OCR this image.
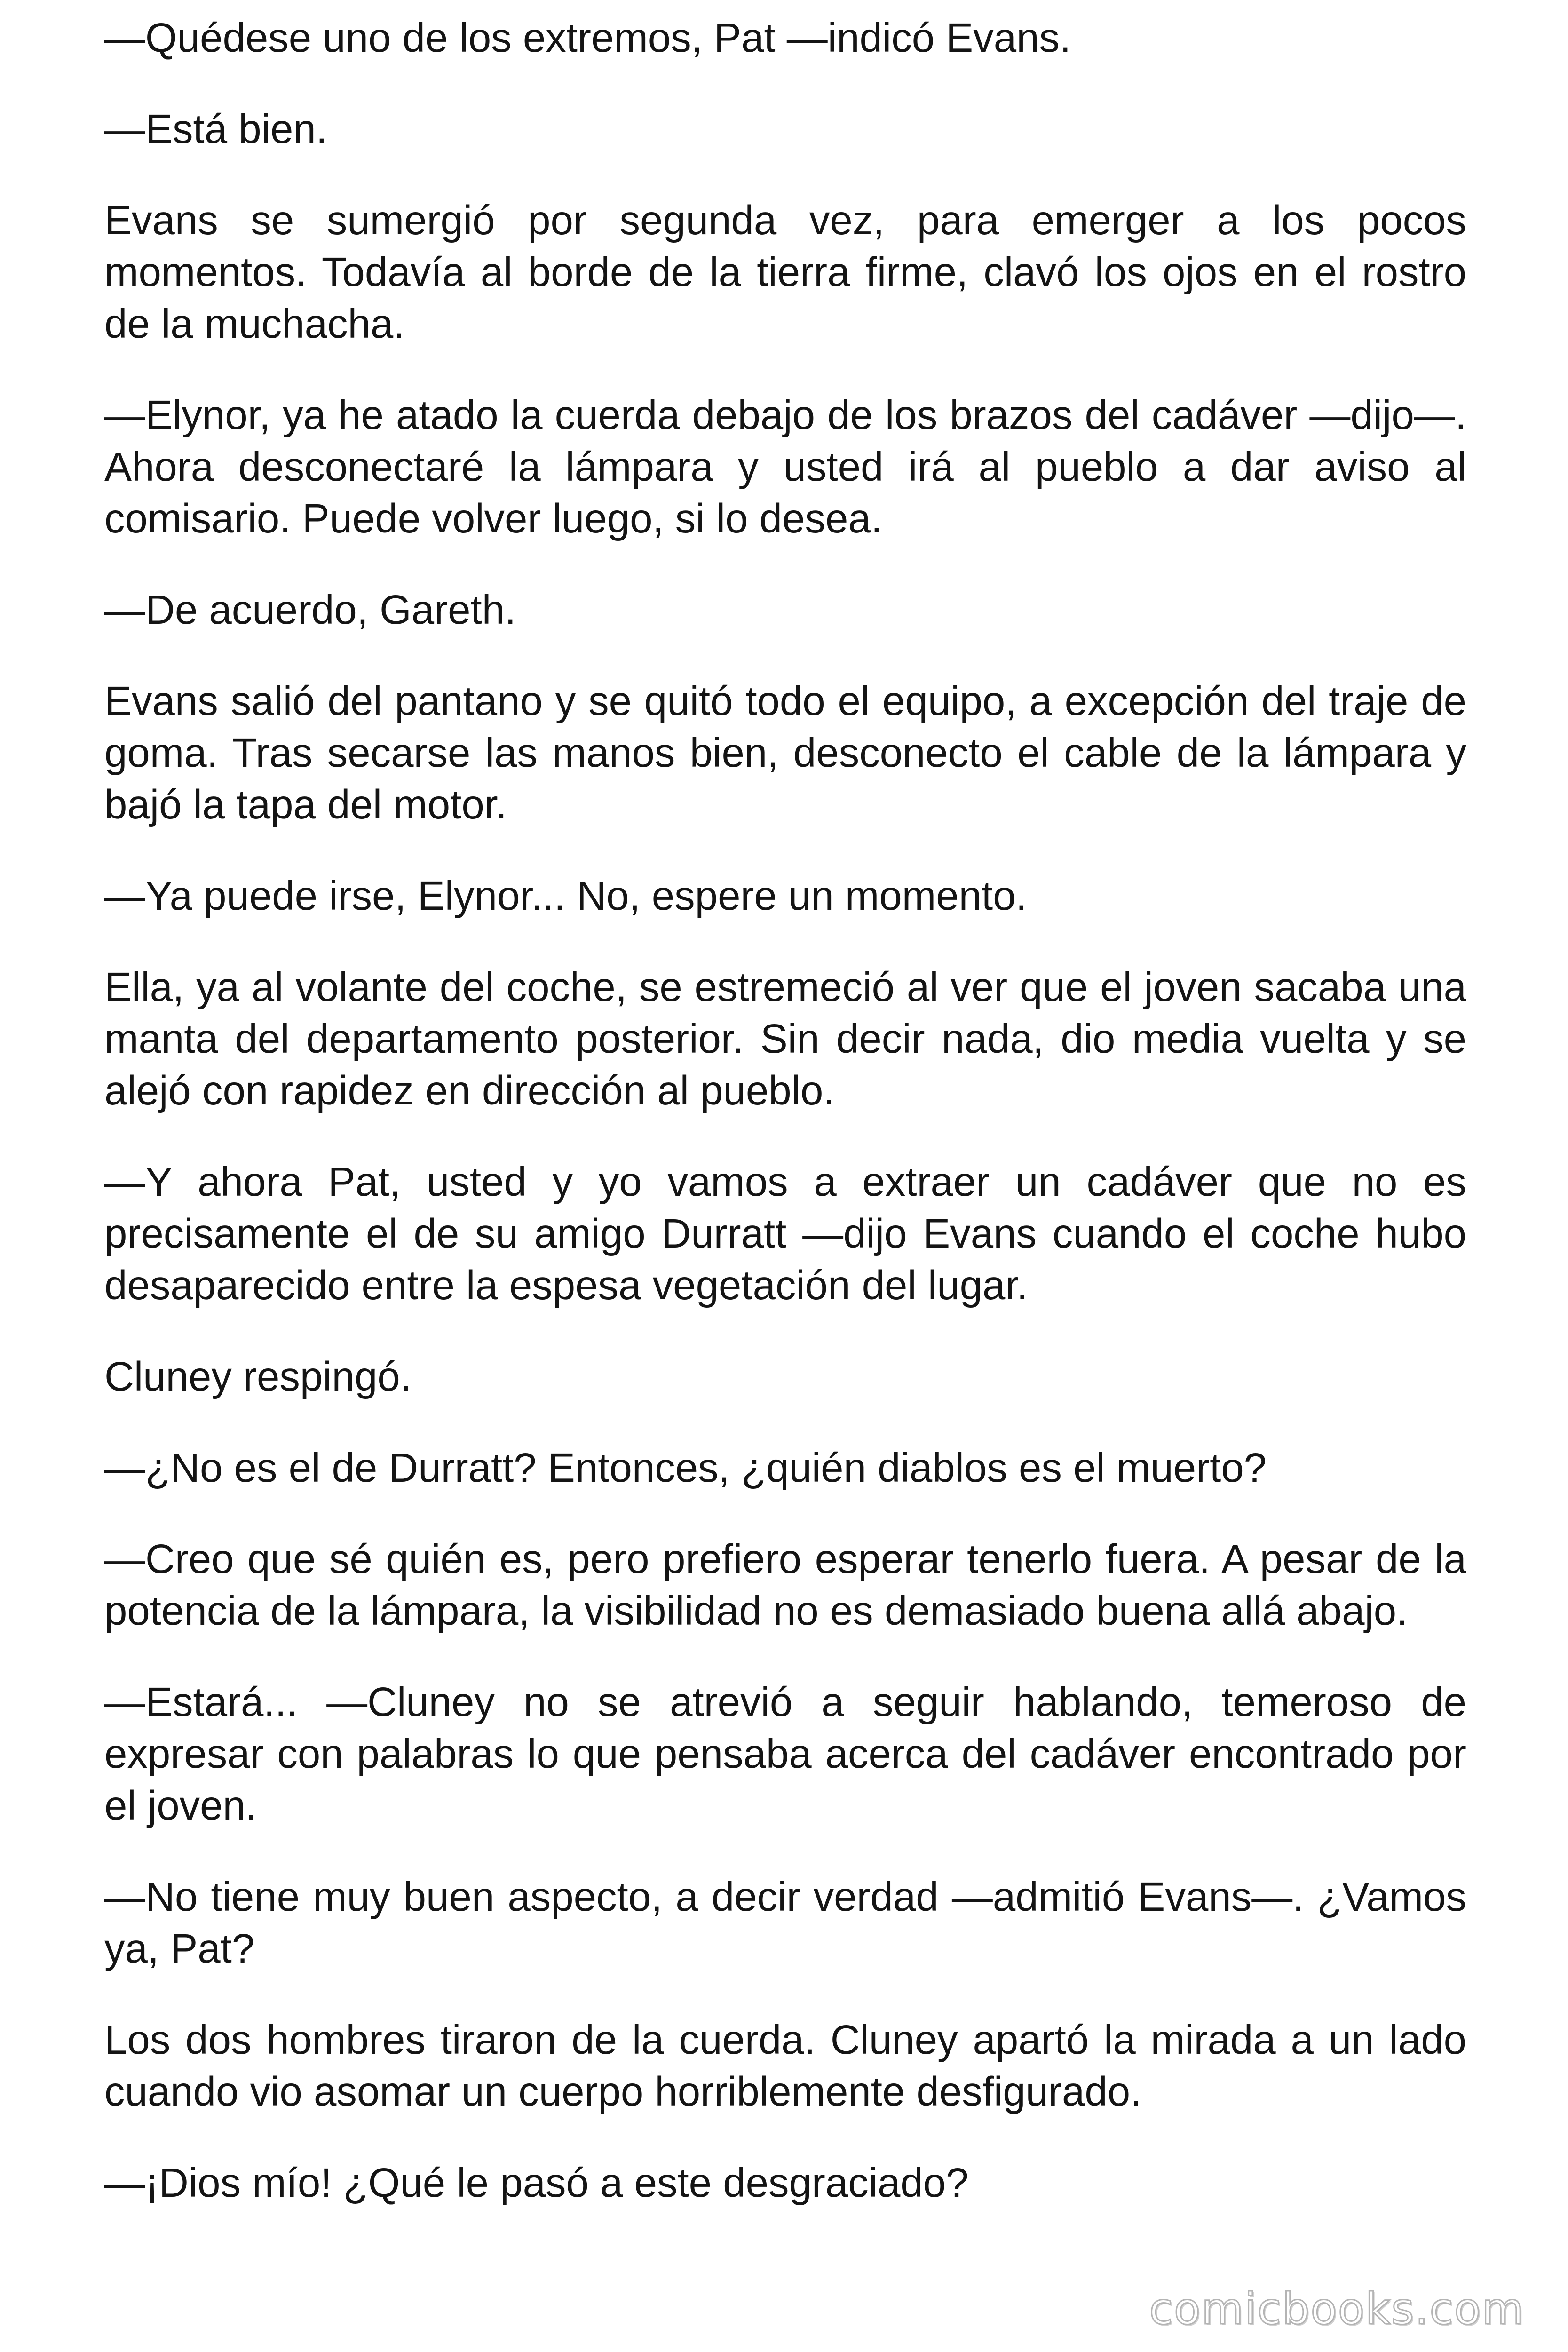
—Quédese uno de los extremos, Pat —indicó Evans.

—Está bien.

Evans se sumergió por segunda vez, para emerger a los pocos momentos. Todavía al borde de la tierra firme, clavó los ojos en el rostro de la muchacha.

—Elynor, ya he atado la cuerda debajo de los brazos del cadáver —dijo—. Ahora desconectaré la lámpara y usted irá al pueblo a dar aviso al comisario. Puede volver luego, si lo desea.

—De acuerdo, Gareth.

Evans salió del pantano y se quitó todo el equipo, a excepción del traje de goma. Tras secarse las manos bien, desconecto el cable de la lámpara y bajó la tapa del motor.

—Ya puede irse, Elynor... No, espere un momento.

Ella, ya al volante del coche, se estremeció al ver que el joven sacaba una manta del departamento posterior. Sin decir nada, dio media vuelta y se alejó con rapidez en dirección al pueblo.

—Y ahora Pat, usted y yo vamos a extraer un cadáver que no es precisamente el de su amigo Durratt —dijo Evans cuando el coche hubo desaparecido entre la espesa vegetación del lugar.

Cluney respingó.

—¿No es el de Durratt? Entonces, ¿quién diablos es el muerto?

—Creo que sé quién es, pero prefiero esperar tenerlo fuera. A pesar de la potencia de la lámpara, la visibilidad no es demasiado buena allá abajo.

—Estará... —Cluney no se atrevió a seguir hablando, temeroso de expresar con palabras lo que pensaba acerca del cadáver encontrado por el joven.

—No tiene muy buen aspecto, a decir verdad —admitió Evans—. ¿Vamos ya, Pat?

Los dos hombres tiraron de la cuerda. Cluney apartó la mirada a un lado cuando vio asomar un cuerpo horriblemente desfigurado.

—¡Dios mío! ¿Qué le pasó a este desgraciado?

comicbooks.com
